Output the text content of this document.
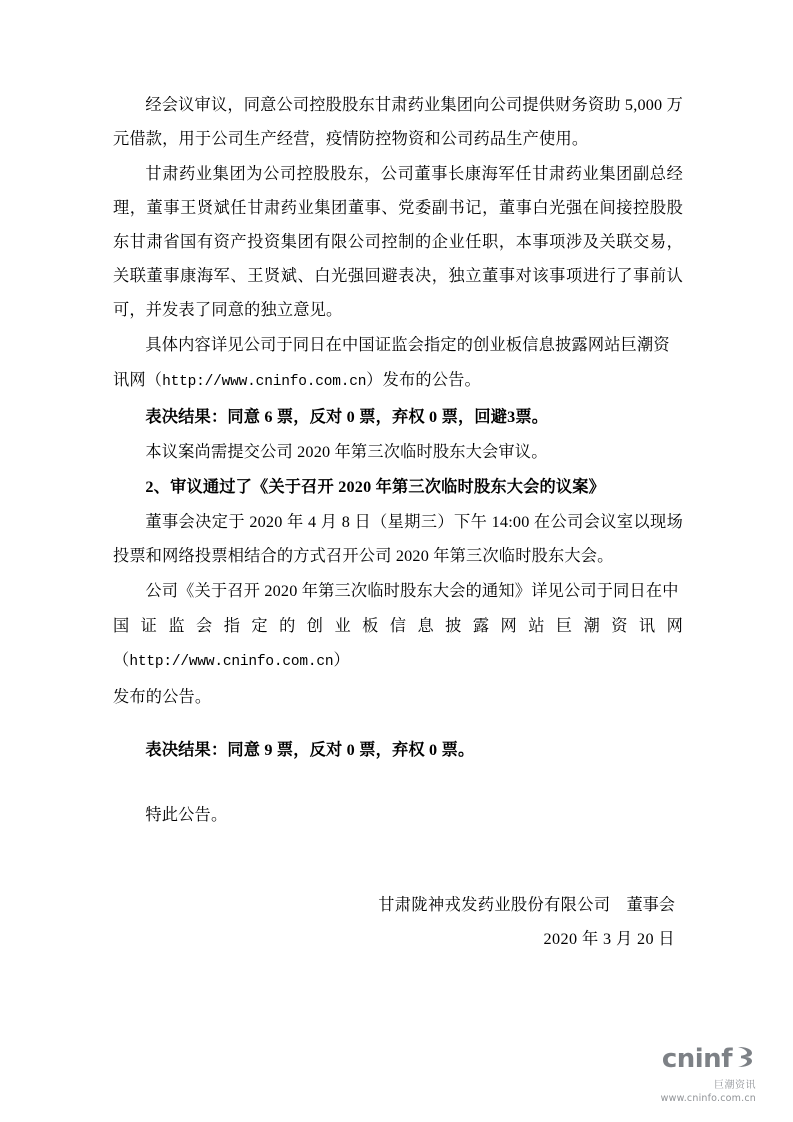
经会议审议，同意公司控股股东甘肃药业集团向公司提供财务资助 5,000 万元借款，用于公司生产经营，疫情防控物资和公司药品生产使用。

甘肃药业集团为公司控股股东，公司董事长康海军任甘肃药业集团副总经理，董事王贤斌任甘肃药业集团董事、党委副书记，董事白光强在间接控股股东甘肃省国有资产投资集团有限公司控制的企业任职，本事项涉及关联交易，关联董事康海军、王贤斌、白光强回避表决，独立董事对该事项进行了事前认可，并发表了同意的独立意见。

具体内容详见公司于同日在中国证监会指定的创业板信息披露网站巨潮资

讯网（http://www.cninfo.com.cn）发布的公告。

表决结果：同意 6 票，反对 0 票，弃权 0 票，回避3票。

本议案尚需提交公司 2020 年第三次临时股东大会审议。

2、审议通过了《关于召开 2020 年第三次临时股东大会的议案》

董事会决定于 2020 年 4 月 8 日（星期三）下午 14:00 在公司会议室以现场投票和网络投票相结合的方式召开公司 2020 年第三次临时股东大会。

公司《关于召开 2020 年第三次临时股东大会的通知》详见公司于同日在中

国证监会指定的创业板信息披露网站巨潮资讯网（http://www.cninfo.com.cn）

发布的公告。

表决结果：同意 9 票，反对 0 票，弃权 0 票。

特此公告。

甘肃陇神戎发药业股份有限公司 董事会
2020 年 3 月 20 日
cninf
巨潮资讯
www.cninfo.com.cn
